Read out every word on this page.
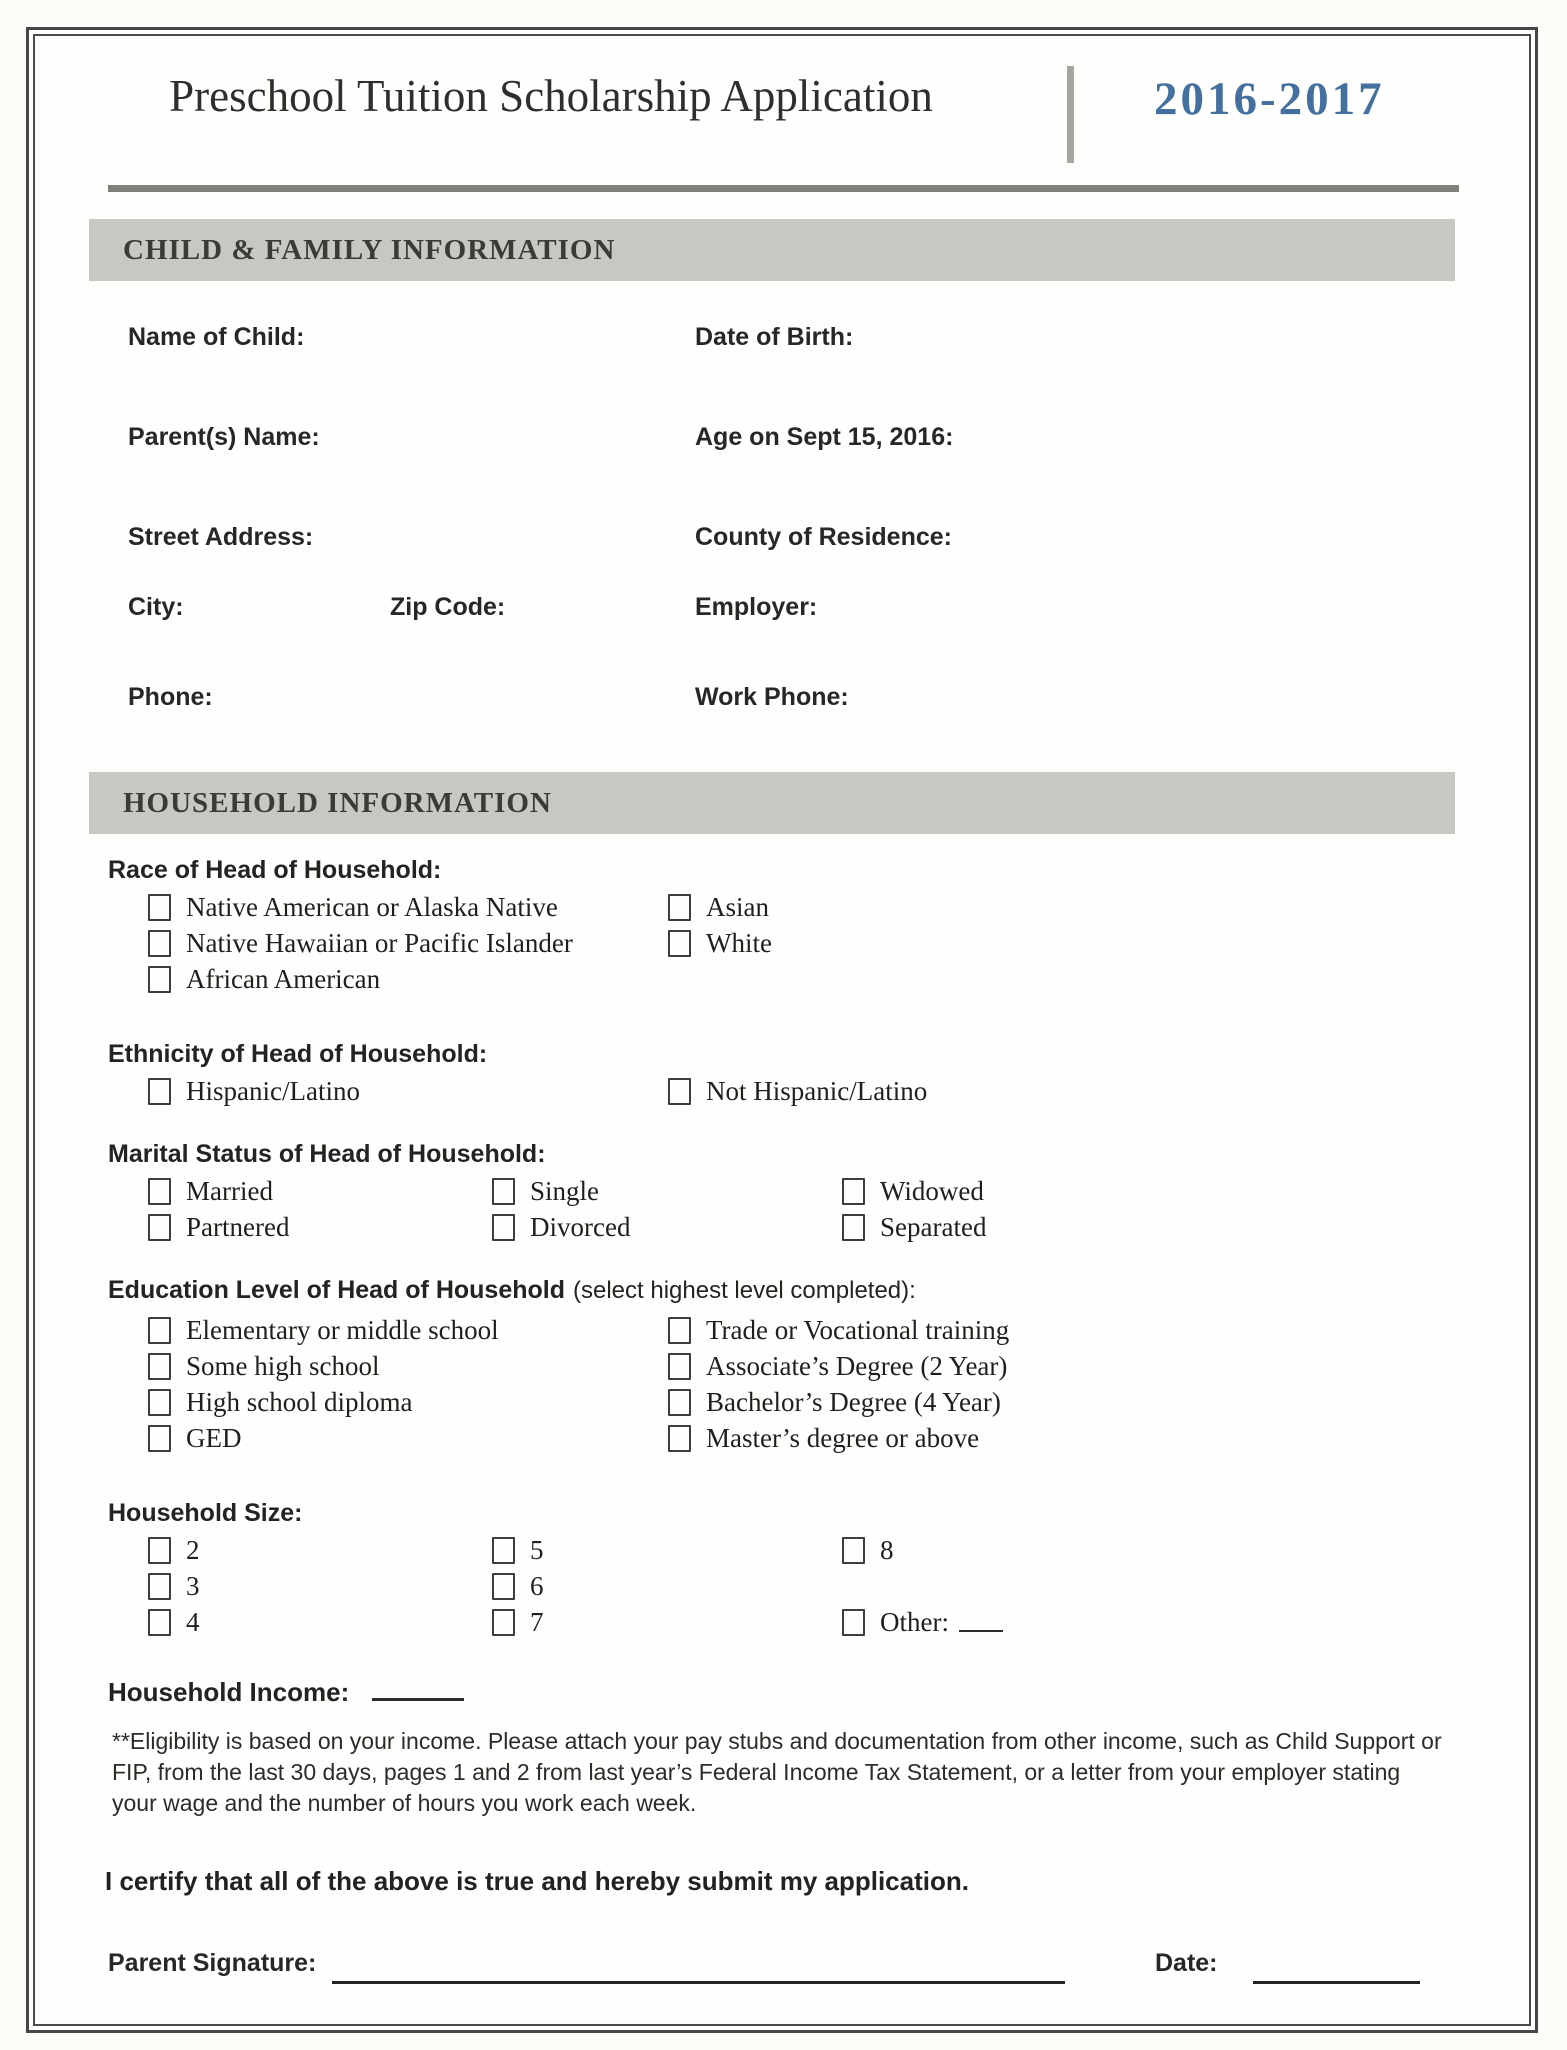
Preschool Tuition Scholarship Application	2016-2017
CHILD & FAMILY INFORMATION
Name of Child:	Date of Birth:
Parent(s) Name:	Age on Sept 15, 2016:
Street Address:	County of Residence:
City:	Zip Code:	Employer:
Phone:	Work Phone:
HOUSEHOLD INFORMATION
Race of Head of Household:
Native American or Alaska Native
Native Hawaiian or Pacific Islander
African American
Asian
White
Ethnicity of Head of Household:
Hispanic/Latino	Not Hispanic/Latino
Marital Status of Head of Household:
Married
Partnered
Single
Divorced
Widowed
Separated
Education Level of Head of Household (select highest level completed):
Elementary or middle school
Some high school
High school diploma
GED
Trade or Vocational training
Associate’s Degree (2 Year)
Bachelor’s Degree (4 Year)
Master’s degree or above
Household Size:
2
3
4
5
6
7
8
Other:
Household Income:

**Eligibility is based on your income. Please attach your pay stubs and documentation from other income, such as Child Support or FIP, from the last 30 days, pages 1 and 2 from last year’s Federal Income Tax Statement, or a letter from your employer stating your wage and the number of hours you work each week.

I certify that all of the above is true and hereby submit my application.
Parent Signature:	Date:
